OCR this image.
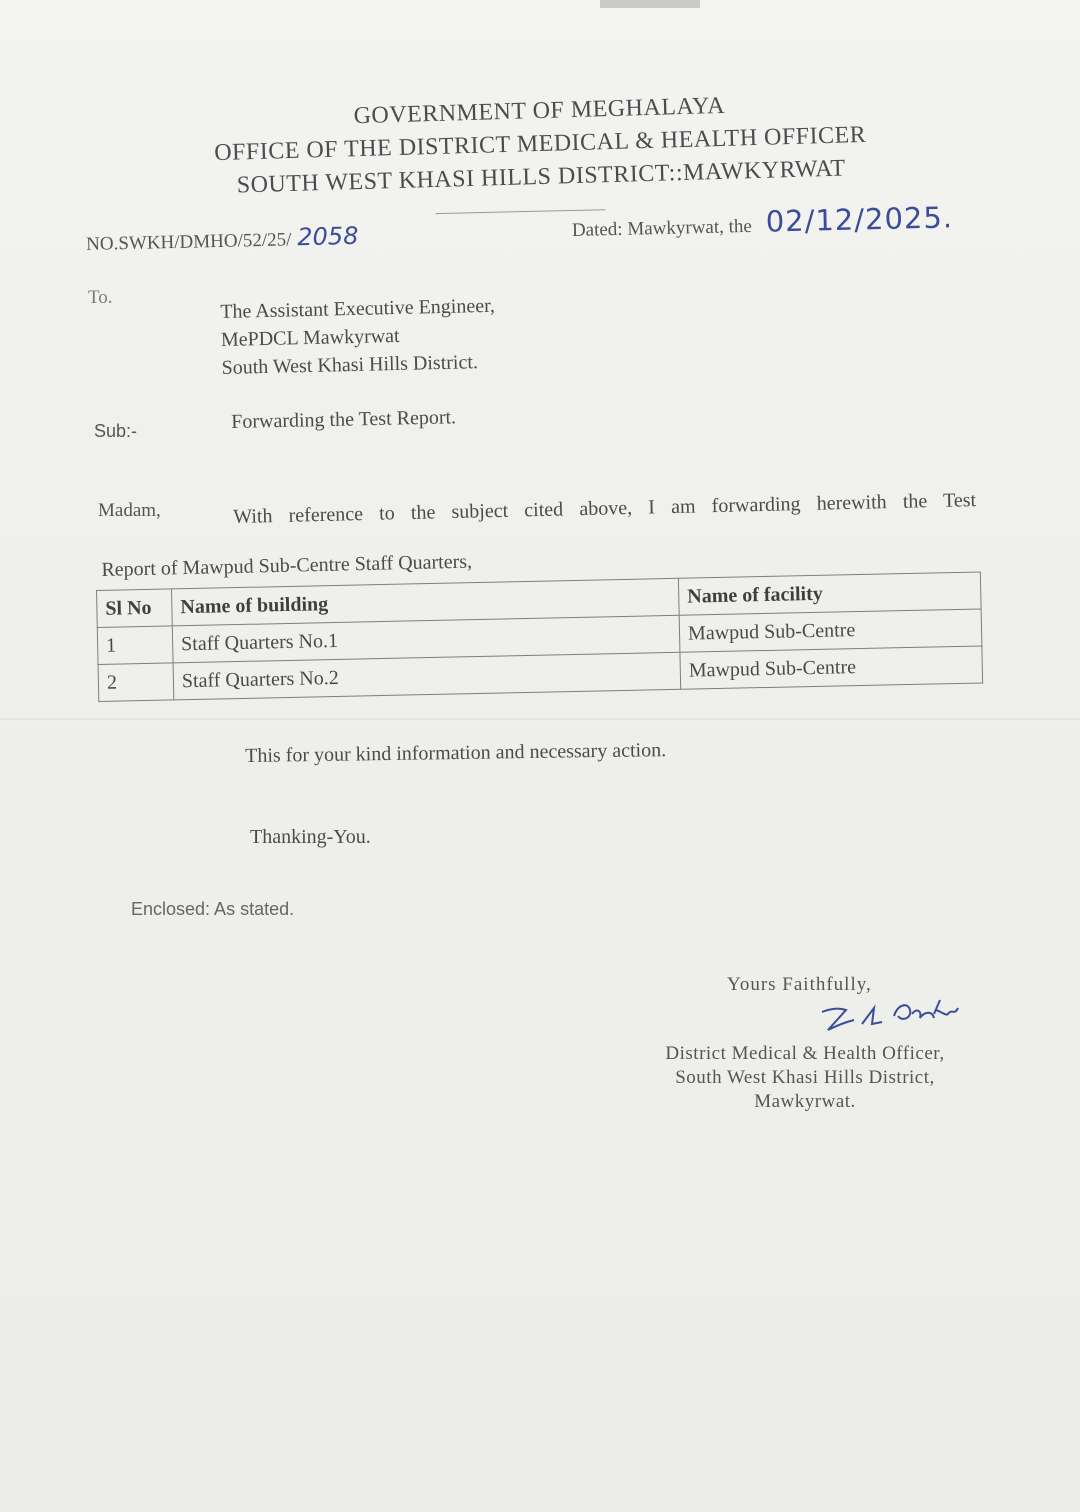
GOVERNMENT OF MEGHALAYA
OFFICE OF THE DISTRICT MEDICAL & HEALTH OFFICER
SOUTH WEST KHASI HILLS DISTRICT::MAWKYRWAT
NO.SWKH/DMHO/52/25/ 2058	Dated: Mawkyrwat, the 02/12/2025.
To.	The Assistant Executive Engineer,
MePDCL Mawkyrwat
South West Khasi Hills District.
Sub:-	Forwarding the Test Report.
Madam,	With reference to the subject cited above, I am forwarding herewith the Test
Report of Mawpud Sub-Centre Staff Quarters,
Sl No	Name of building	Name of facility
1	Staff Quarters No.1	Mawpud Sub-Centre
2	Staff Quarters No.2	Mawpud Sub-Centre
This for your kind information and necessary action.
Thanking-You.
Enclosed: As stated.
Yours Faithfully,
District Medical & Health Officer,
South West Khasi Hills District,
Mawkyrwat.
